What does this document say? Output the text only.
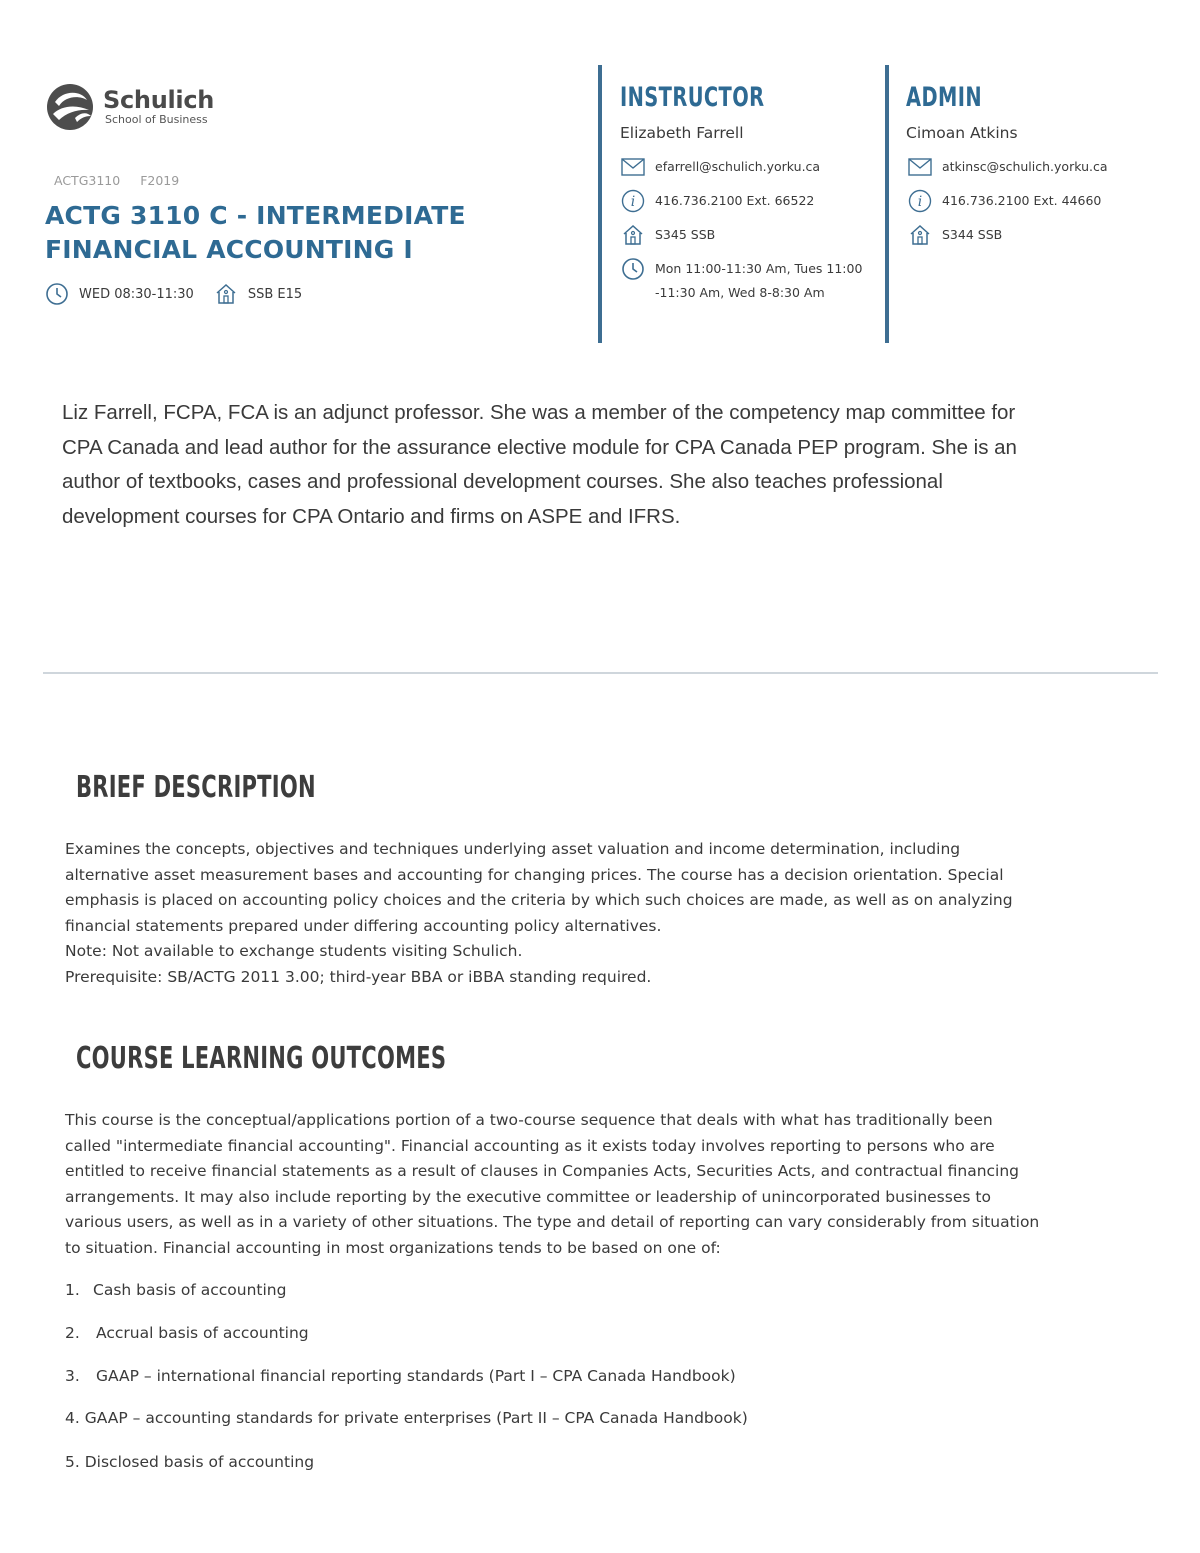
Schulich
School of Business
ACTG3110 F2019
ACTG 3110 C - INTERMEDIATE
FINANCIAL ACCOUNTING I
WED 08:30-11:30	SSB E15
INSTRUCTOR
Elizabeth Farrell
efarrell@schulich.yorku.ca
i 416.736.2100 Ext. 66522
S345 SSB
Mon 11:00-11:30 Am, Tues 11:00
-11:30 Am, Wed 8-8:30 Am
ADMIN
Cimoan Atkins
atkinsc@schulich.yorku.ca
i 416.736.2100 Ext. 44660
S344 SSB
Liz Farrell, FCPA, FCA is an adjunct professor. She was a member of the competency map committee for
CPA Canada and lead author for the assurance elective module for CPA Canada PEP program. She is an
author of textbooks, cases and professional development courses. She also teaches professional
development courses for CPA Ontario and firms on ASPE and IFRS.
BRIEF DESCRIPTION
Examines the concepts, objectives and techniques underlying asset valuation and income determination, including
alternative asset measurement bases and accounting for changing prices. The course has a decision orientation. Special
emphasis is placed on accounting policy choices and the criteria by which such choices are made, as well as on analyzing
financial statements prepared under differing accounting policy alternatives.
Note: Not available to exchange students visiting Schulich.
Prerequisite: SB/ACTG 2011 3.00; third-year BBA or iBBA standing required.
COURSE LEARNING OUTCOMES
This course is the conceptual/applications portion of a two-course sequence that deals with what has traditionally been
called "intermediate financial accounting". Financial accounting as it exists today involves reporting to persons who are
entitled to receive financial statements as a result of clauses in Companies Acts, Securities Acts, and contractual financing
arrangements. It may also include reporting by the executive committee or leadership of unincorporated businesses to
various users, as well as in a variety of other situations. The type and detail of reporting can vary considerably from situation
to situation. Financial accounting in most organizations tends to be based on one of:
1. Cash basis of accounting
2. Accrual basis of accounting
3. GAAP – international financial reporting standards (Part I – CPA Canada Handbook)
4. GAAP – accounting standards for private enterprises (Part II – CPA Canada Handbook)
5. Disclosed basis of accounting
